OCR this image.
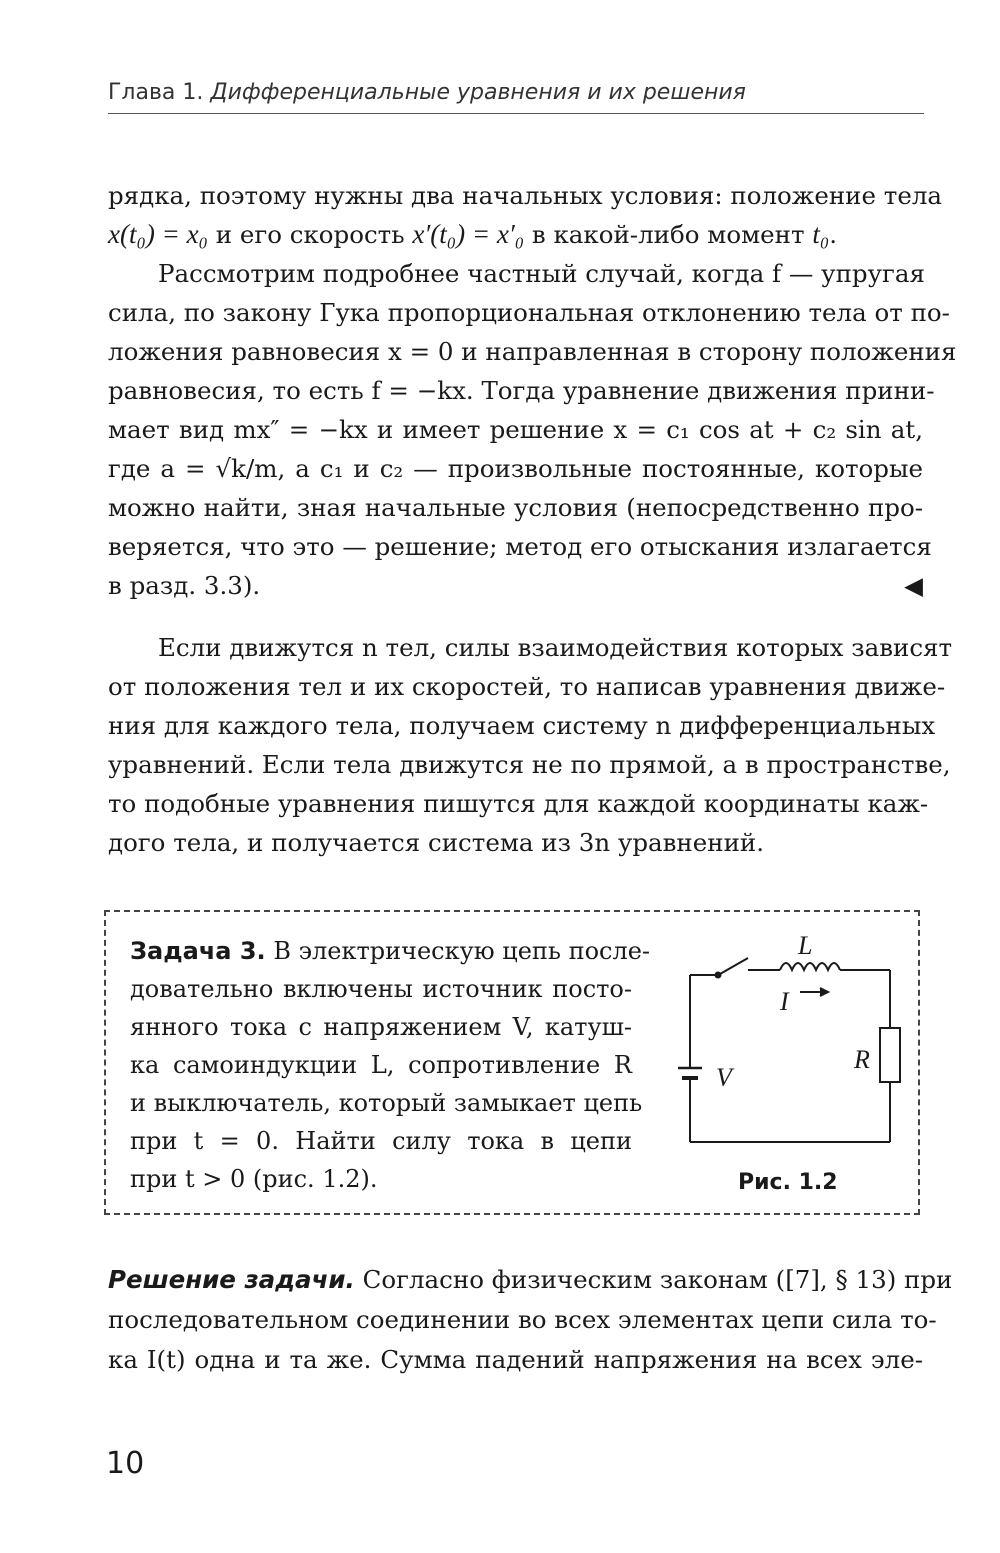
Глава 1. Дифференциальные уравнения и их решения
рядка, поэтому нужны два начальных условия: положение тела
x(t₀) = x₀ и его скорость x′(t₀) = x′₀ в какой-либо момент t₀.
Рассмотрим подробнее частный случай, когда f — упругая
сила, по закону Гука пропорциональная отклонению тела от по-
ложения равновесия x = 0 и направленная в сторону положения
равновесия, то есть f = −kx. Тогда уравнение движения прини-
мает вид mx″ = −kx и имеет решение x = c₁ cos at + c₂ sin at,
где a = √k/m, а c₁ и c₂ — произвольные постоянные, которые
можно найти, зная начальные условия (непосредственно про-
веряется, что это — решение; метод его отыскания излагается
в разд. 3.3).	◀
Если движутся n тел, силы взаимодействия которых зависят
от положения тел и их скоростей, то написав уравнения движе-
ния для каждого тела, получаем систему n дифференциальных
уравнений. Если тела движутся не по прямой, а в пространстве,
то подобные уравнения пишутся для каждой координаты каж-
дого тела, и получается система из 3n уравнений.
Задача 3. В электрическую цепь после-
довательно включены источник посто-
янного тока с напряжением V, катуш-
ка самоиндукции L, сопротивление R
и выключатель, который замыкает цепь
при t = 0. Найти силу тока в цепи
при t > 0 (рис. 1.2).
L
I
R
V
Рис. 1.2
Решение задачи. Согласно физическим законам ([7], § 13) при
последовательном соединении во всех элементах цепи сила то-
ка I(t) одна и та же. Сумма падений напряжения на всех эле-
10
